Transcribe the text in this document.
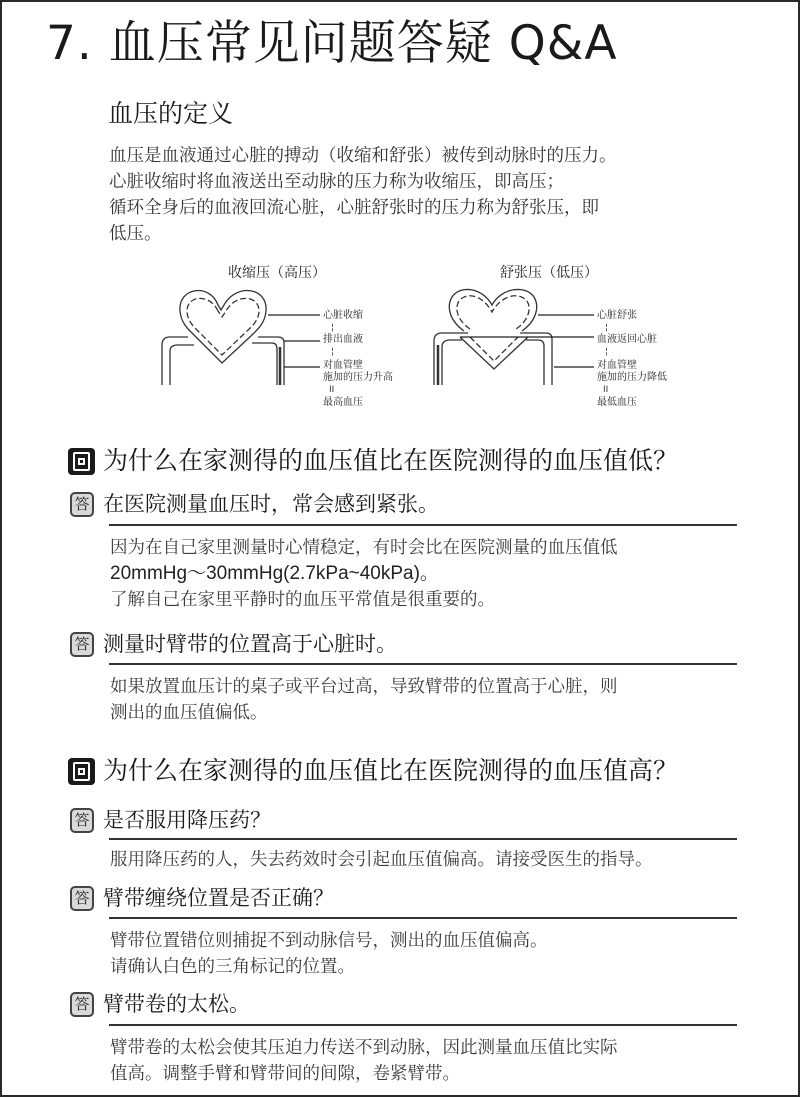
7. 血压常见问题答疑 Q&A
血压的定义
血压是血液通过心脏的搏动（收缩和舒张）被传到动脉时的压力。
心脏收缩时将血液送出至动脉的压力称为收缩压，即高压；
循环全身后的血液回流心脏，心脏舒张时的压力称为舒张压，即
低压。
收缩压（高压）
心脏收缩
¦
排出血液
¦
对血管壁
施加的压力升高
II
最高血压
舒张压（低压）
心脏舒张
¦
血液返回心脏
¦
对血管壁
施加的压力降低
II
最低血压
为什么在家测得的血压值比在医院测得的血压值低？
答 在医院测量血压时，常会感到紧张。
因为在自己家里测量时心情稳定，有时会比在医院测量的血压值低
20mmHg～30mmHg(2.7kPa~40kPa)。
了解自己在家里平静时的血压平常值是很重要的。
答 测量时臂带的位置高于心脏时。
如果放置血压计的桌子或平台过高，导致臂带的位置高于心脏，则
测出的血压值偏低。
为什么在家测得的血压值比在医院测得的血压值高？
答 是否服用降压药？
服用降压药的人，失去药效时会引起血压值偏高。请接受医生的指导。
答 臂带缠绕位置是否正确？
臂带位置错位则捕捉不到动脉信号，测出的血压值偏高。
请确认白色的三角标记的位置。
答 臂带卷的太松。
臂带卷的太松会使其压迫力传送不到动脉，因此测量血压值比实际
值高。调整手臂和臂带间的间隙，卷紧臂带。
